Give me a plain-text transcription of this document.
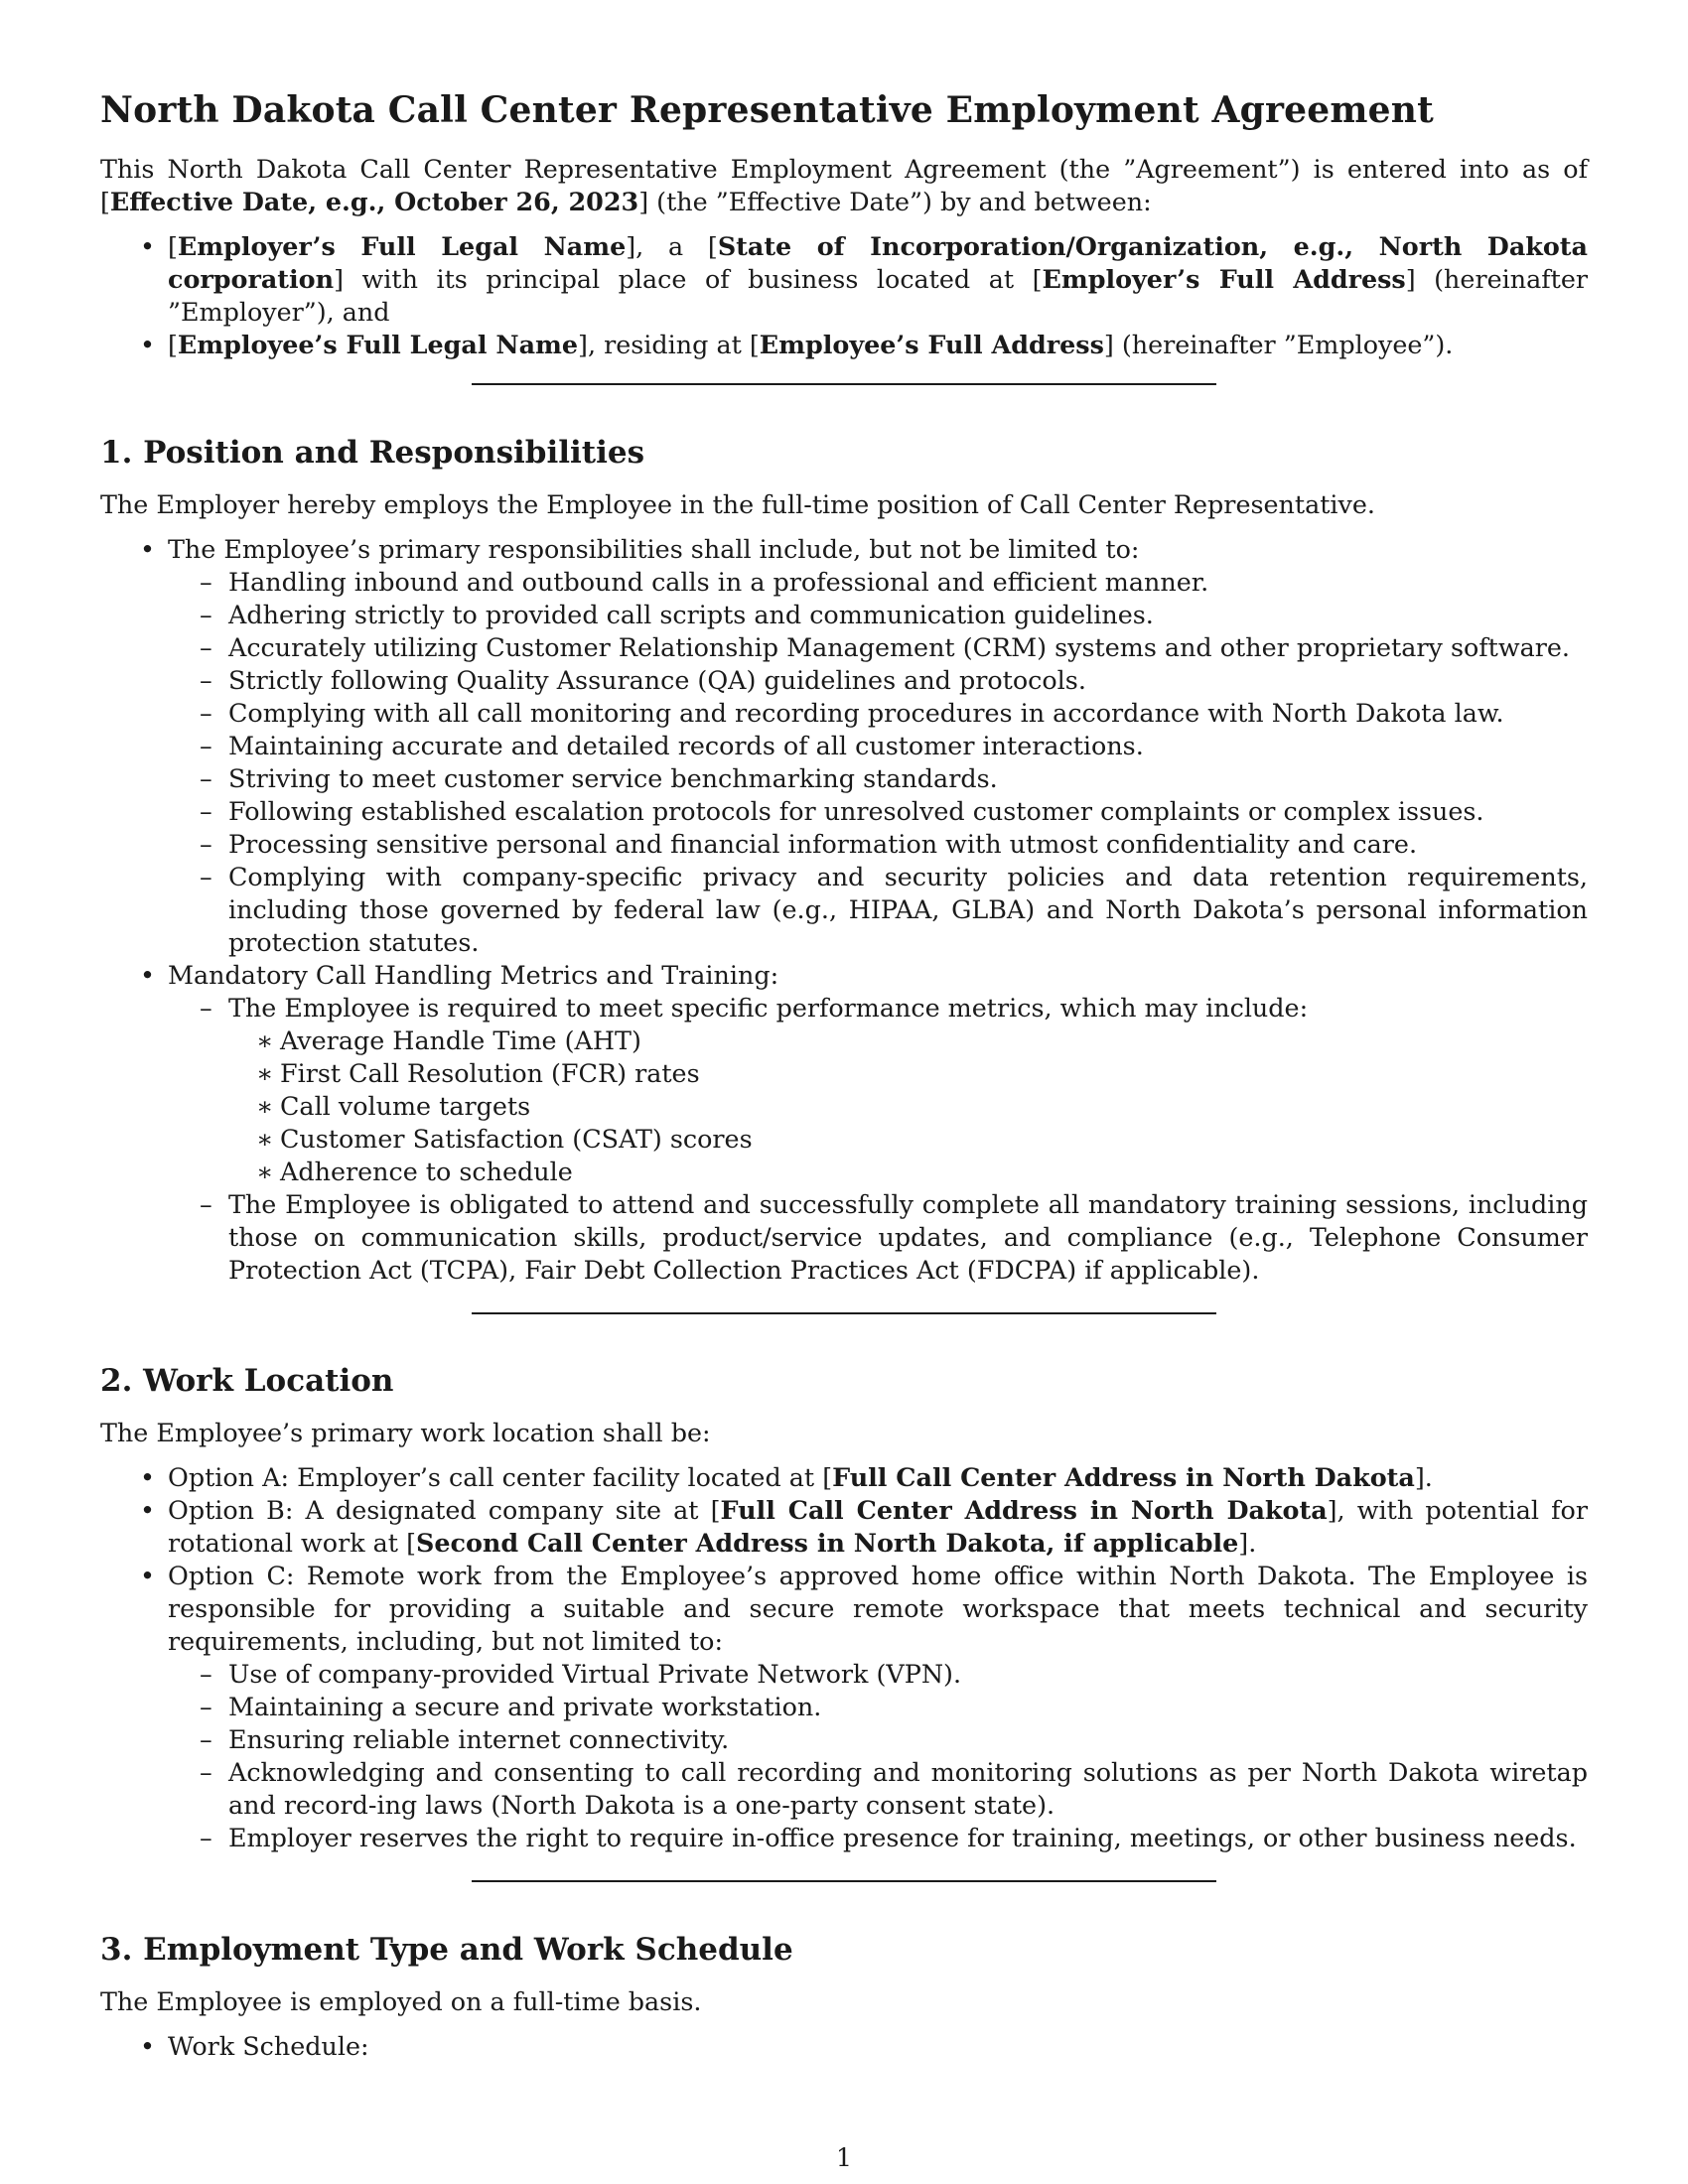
North Dakota Call Center Representative Employment Agreement

This North Dakota Call Center Representative Employment Agreement (the ”Agreement”) is entered into as of [Effective Date, e.g., October 26, 2023] (the ”Effective Date”) by and between:

• [Employer’s Full Legal Name], a [State of Incorporation/Organization, e.g., North Dakota corporation] with its principal place of business located at [Employer’s Full Address] (hereinafter ”Employer”), and
• [Employee’s Full Legal Name], residing at [Employee’s Full Address] (hereinafter ”Employee”).
1. Position and Responsibilities

The Employer hereby employs the Employee in the full-time position of Call Center Representative.

• The Employee’s primary responsibilities shall include, but not be limited to:
– Handling inbound and outbound calls in a professional and efficient manner.
– Adhering strictly to provided call scripts and communication guidelines.
– Accurately utilizing Customer Relationship Management (CRM) systems and other proprietary software.
– Strictly following Quality Assurance (QA) guidelines and protocols.
– Complying with all call monitoring and recording procedures in accordance with North Dakota law.
– Maintaining accurate and detailed records of all customer interactions.
– Striving to meet customer service benchmarking standards.
– Following established escalation protocols for unresolved customer complaints or complex issues.
– Processing sensitive personal and financial information with utmost confidentiality and care.
– Complying with company-specific privacy and security policies and data retention requirements, including those governed by federal law (e.g., HIPAA, GLBA) and North Dakota’s personal information protection statutes.
• Mandatory Call Handling Metrics and Training:
– The Employee is required to meet specific performance metrics, which may include:
∗ Average Handle Time (AHT)
∗ First Call Resolution (FCR) rates
∗ Call volume targets
∗ Customer Satisfaction (CSAT) scores
∗ Adherence to schedule
– The Employee is obligated to attend and successfully complete all mandatory training sessions, including those on communication skills, product/service updates, and compliance (e.g., Telephone Consumer Protection Act (TCPA), Fair Debt Collection Practices Act (FDCPA) if applicable).
2. Work Location

The Employee’s primary work location shall be:

• Option A: Employer’s call center facility located at [Full Call Center Address in North Dakota].
• Option B: A designated company site at [Full Call Center Address in North Dakota], with potential for rotational work at [Second Call Center Address in North Dakota, if applicable].
• Option C: Remote work from the Employee’s approved home office within North Dakota. The Employee is responsible for providing a suitable and secure remote workspace that meets technical and security requirements, including, but not limited to:
– Use of company-provided Virtual Private Network (VPN).
– Maintaining a secure and private workstation.
– Ensuring reliable internet connectivity.
– Acknowledging and consenting to call recording and monitoring solutions as per North Dakota wiretap and record-ing laws (North Dakota is a one-party consent state).
– Employer reserves the right to require in-office presence for training, meetings, or other business needs.
3. Employment Type and Work Schedule

The Employee is employed on a full-time basis.

• Work Schedule:
1
